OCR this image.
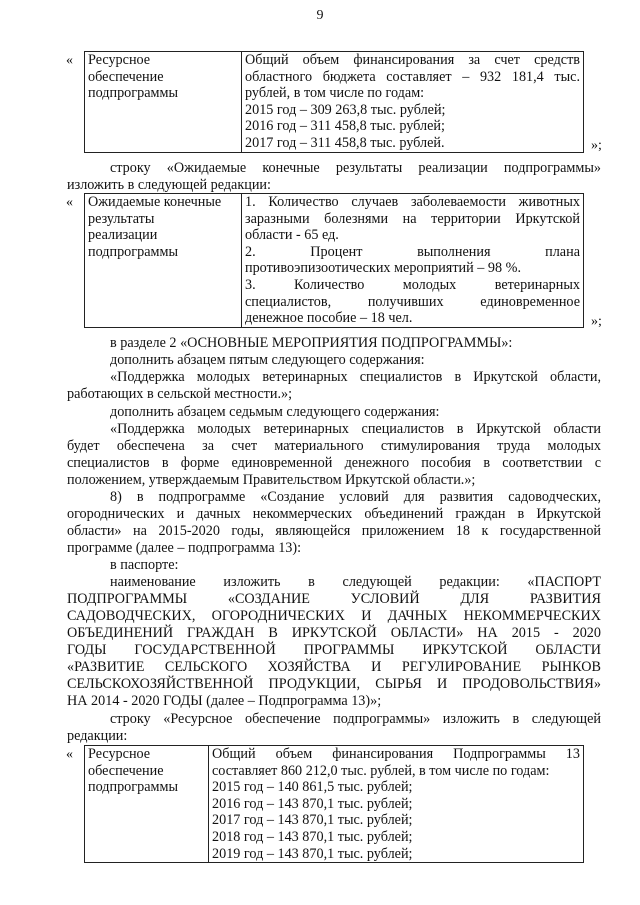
9
« Ресурсное
обеспечение
подпрограммы

Общий объем финансирования за счет средств
областного бюджета составляет – 932 181,4 тыс.
рублей, в том числе по годам:
2015 год – 309 263,8 тыс. рублей;
2016 год – 311 458,8 тыс. рублей;
2017 год – 311 458,8 тыс. рублей.	»;
строку «Ожидаемые конечные результаты реализации подпрограммы»
изложить в следующей редакции:
« Ожидаемые конечные
результаты
реализации
подпрограммы

1. Количество случаев заболеваемости животных
заразными болезнями на территории Иркутской
области - 65 ед.
2. Процент выполнения плана
противоэпизоотических мероприятий – 98 %.
3. Количество молодых ветеринарных
специалистов, получивших единовременное
денежное пособие – 18 чел.	»;
в разделе 2 «ОСНОВНЫЕ МЕРОПРИЯТИЯ ПОДПРОГРАММЫ»:
дополнить абзацем пятым следующего содержания:
«Поддержка молодых ветеринарных специалистов в Иркутской области,
работающих в сельской местности.»;
дополнить абзацем седьмым следующего содержания:
«Поддержка молодых ветеринарных специалистов в Иркутской области
будет обеспечена за счет материального стимулирования труда молодых
специалистов в форме единовременной денежного пособия в соответствии с
положением, утверждаемым Правительством Иркутской области.»;
8) в подпрограмме «Создание условий для развития садоводческих,
огороднических и дачных некоммерческих объединений граждан в Иркутской
области» на 2015-2020 годы, являющейся приложением 18 к государственной
программе (далее – подпрограмма 13):
в паспорте:
наименование изложить в следующей редакции: «ПАСПОРТ
ПОДПРОГРАММЫ «СОЗДАНИЕ УСЛОВИЙ ДЛЯ РАЗВИТИЯ
САДОВОДЧЕСКИХ, ОГОРОДНИЧЕСКИХ И ДАЧНЫХ НЕКОММЕРЧЕСКИХ
ОБЪЕДИНЕНИЙ ГРАЖДАН В ИРКУТСКОЙ ОБЛАСТИ» НА 2015 - 2020
ГОДЫ ГОСУДАРСТВЕННОЙ ПРОГРАММЫ ИРКУТСКОЙ ОБЛАСТИ
«РАЗВИТИЕ СЕЛЬСКОГО ХОЗЯЙСТВА И РЕГУЛИРОВАНИЕ РЫНКОВ
СЕЛЬСКОХОЗЯЙСТВЕННОЙ ПРОДУКЦИИ, СЫРЬЯ И ПРОДОВОЛЬСТВИЯ»
НА 2014 - 2020 ГОДЫ (далее – Подпрограмма 13)»;
строку «Ресурсное обеспечение подпрограммы» изложить в следующей
редакции:
« Ресурсное
обеспечение
подпрограммы

Общий объем финансирования Подпрограммы 13
составляет 860 212,0 тыс. рублей, в том числе по годам:
2015 год – 140 861,5 тыс. рублей;
2016 год – 143 870,1 тыс. рублей;
2017 год – 143 870,1 тыс. рублей;
2018 год – 143 870,1 тыс. рублей;
2019 год – 143 870,1 тыс. рублей;
